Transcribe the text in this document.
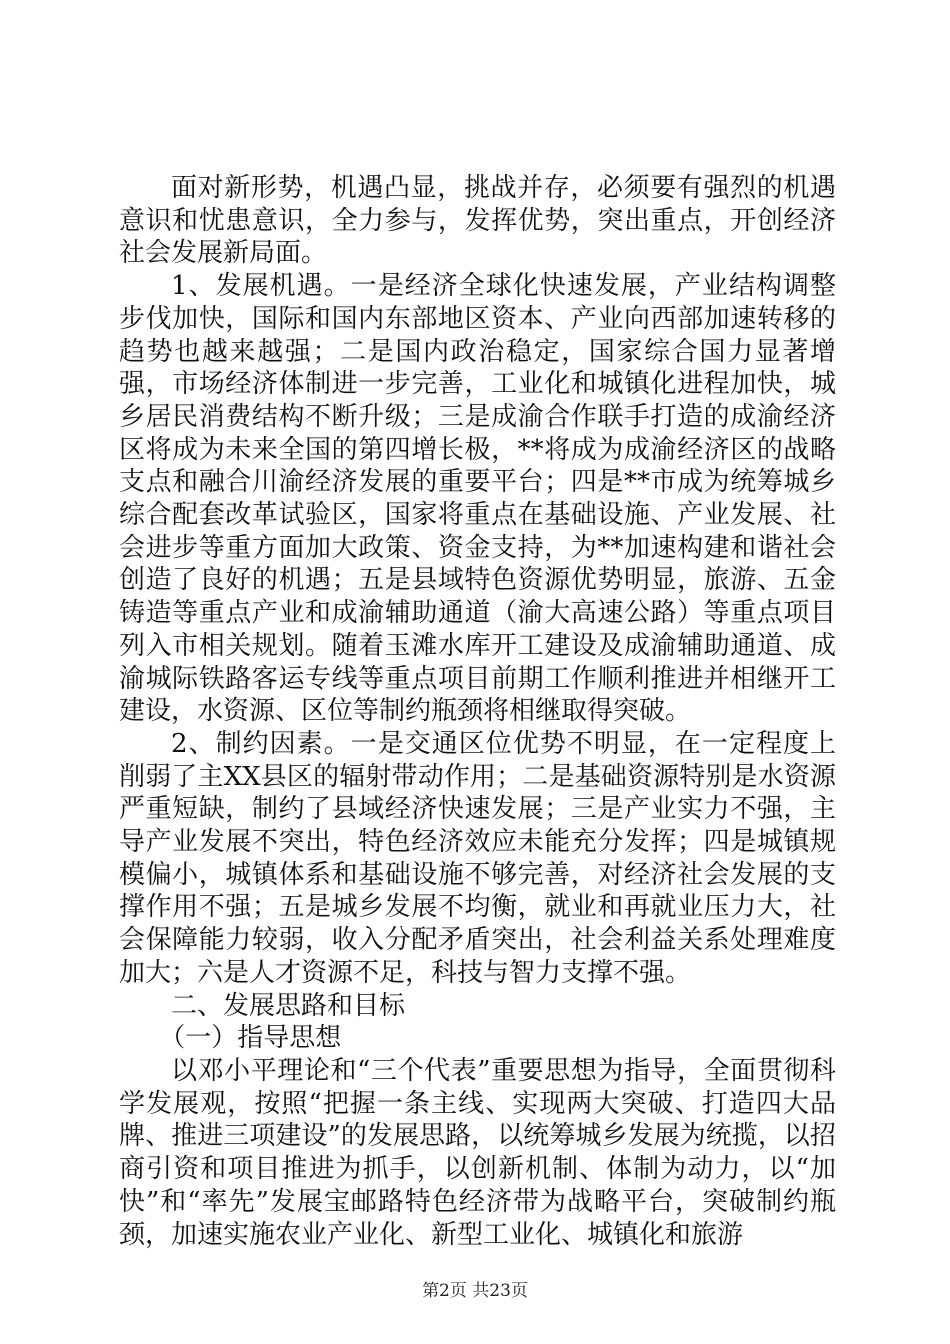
面对新形势，机遇凸显，挑战并存，必须要有强烈的机遇意识和忧患意识，全力参与，发挥优势，突出重点，开创经济社会发展新局面。

1、发展机遇。一是经济全球化快速发展，产业结构调整步伐加快，国际和国内东部地区资本、产业向西部加速转移的趋势也越来越强；二是国内政治稳定，国家综合国力显著增强，市场经济体制进一步完善，工业化和城镇化进程加快，城乡居民消费结构不断升级；三是成渝合作联手打造的成渝经济区将成为未来全国的第四增长极，**将成为成渝经济区的战略支点和融合川渝经济发展的重要平台；四是**市成为统筹城乡综合配套改革试验区，国家将重点在基础设施、产业发展、社会进步等重方面加大政策、资金支持，为**加速构建和谐社会创造了良好的机遇；五是县域特色资源优势明显，旅游、五金铸造等重点产业和成渝辅助通道（渝大高速公路）等重点项目列入市相关规划。随着玉滩水库开工建设及成渝辅助通道、成渝城际铁路客运专线等重点项目前期工作顺利推进并相继开工建设，水资源、区位等制约瓶颈将相继取得突破。

2、制约因素。一是交通区位优势不明显，在一定程度上削弱了主XX县区的辐射带动作用；二是基础资源特别是水资源严重短缺，制约了县域经济快速发展；三是产业实力不强，主导产业发展不突出，特色经济效应未能充分发挥；四是城镇规模偏小，城镇体系和基础设施不够完善，对经济社会发展的支撑作用不强；五是城乡发展不均衡，就业和再就业压力大，社会保障能力较弱，收入分配矛盾突出，社会利益关系处理难度加大；六是人才资源不足，科技与智力支撑不强。

二、发展思路和目标

（一）指导思想

以邓小平理论和“三个代表”重要思想为指导，全面贯彻科学发展观，按照“把握一条主线、实现两大突破、打造四大品牌、推进三项建设”的发展思路，以统筹城乡发展为统揽，以招商引资和项目推进为抓手，以创新机制、体制为动力，以“加快”和“率先”发展宝邮路特色经济带为战略平台，突破制约瓶颈，加速实施农业产业化、新型工业化、城镇化和旅游

第2页 共23页
